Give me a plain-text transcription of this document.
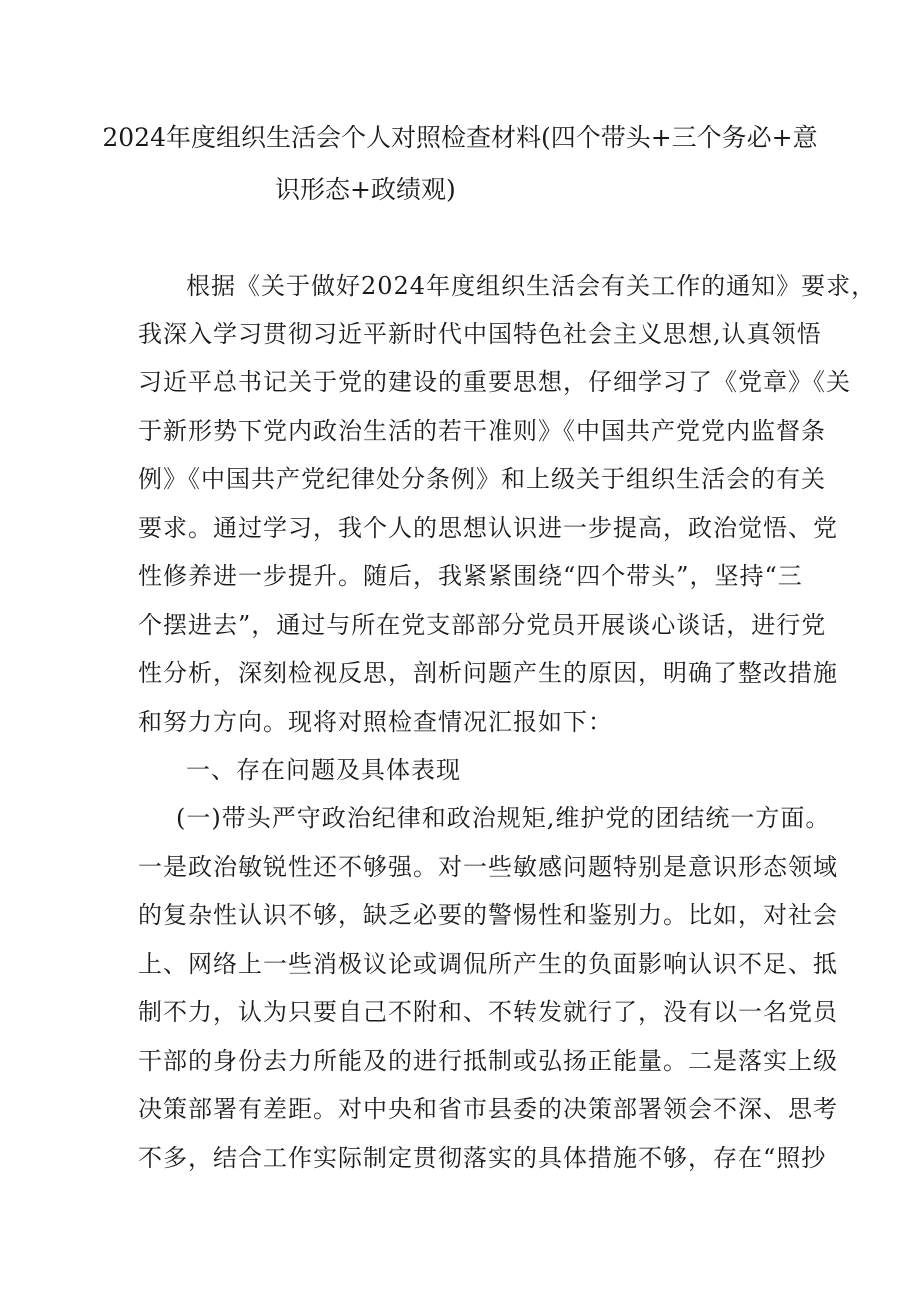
2024年度组织生活会个人对照检查材料(四个带头+三个务必+意
识形态+政绩观)
根据《关于做好2024年度组织生活会有关工作的通知》要求，
我深入学习贯彻习近平新时代中国特色社会主义思想,认真领悟
习近平总书记关于党的建设的重要思想，仔细学习了《党章》《关
于新形势下党内政治生活的若干准则》《中国共产党党内监督条
例》《中国共产党纪律处分条例》和上级关于组织生活会的有关
要求。通过学习，我个人的思想认识进一步提高，政治觉悟、党
性修养进一步提升。随后，我紧紧围绕“四个带头”，坚持“三
个摆进去”，通过与所在党支部部分党员开展谈心谈话，进行党
性分析，深刻检视反思，剖析问题产生的原因，明确了整改措施
和努力方向。现将对照检查情况汇报如下：
一、存在问题及具体表现
(一)带头严守政治纪律和政治规矩,维护党的团结统一方面。
一是政治敏锐性还不够强。对一些敏感问题特别是意识形态领域
的复杂性认识不够，缺乏必要的警惕性和鉴别力。比如，对社会
上、网络上一些消极议论或调侃所产生的负面影响认识不足、抵
制不力，认为只要自己不附和、不转发就行了，没有以一名党员
干部的身份去力所能及的进行抵制或弘扬正能量。二是落实上级
决策部署有差距。对中央和省市县委的决策部署领会不深、思考
不多，结合工作实际制定贯彻落实的具体措施不够，存在“照抄
